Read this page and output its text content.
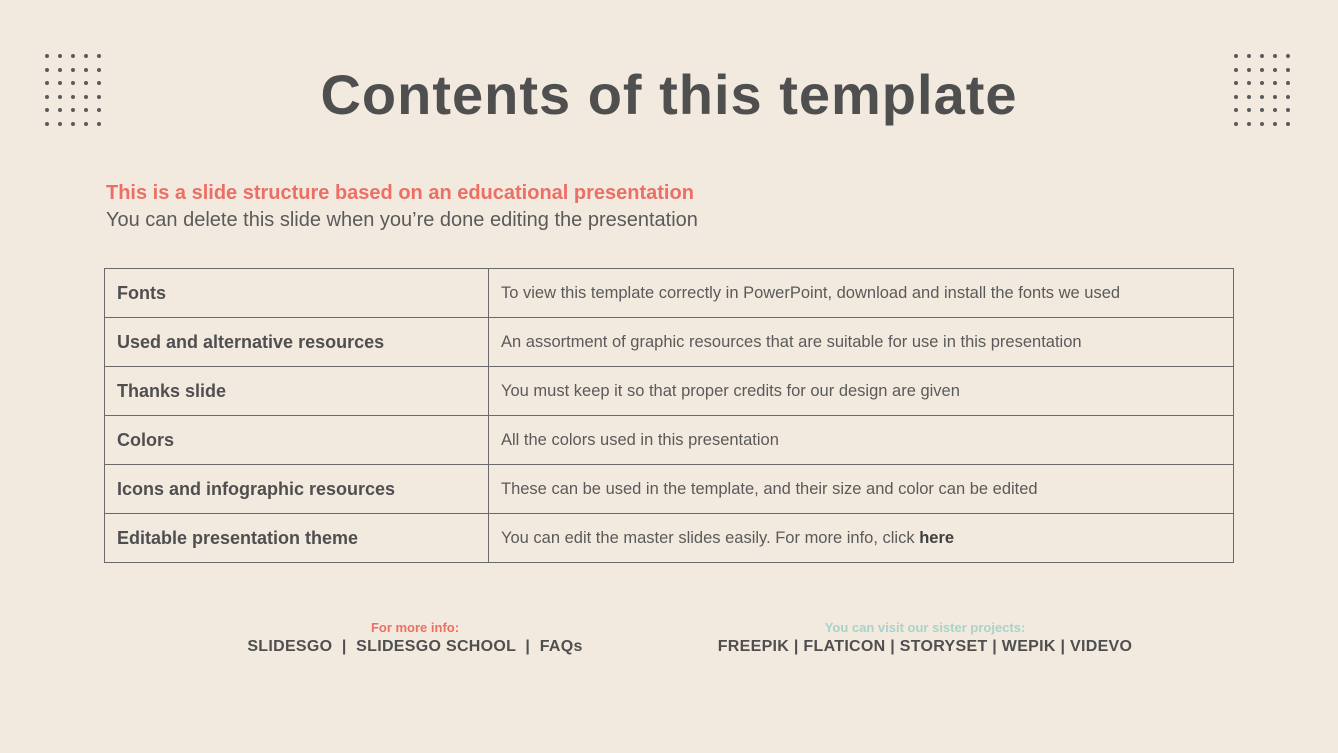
Contents of this template
This is a slide structure based on an educational presentation
You can delete this slide when you’re done editing the presentation
Fonts	To view this template correctly in PowerPoint, download and install the fonts we used
Used and alternative resources	An assortment of graphic resources that are suitable for use in this presentation
Thanks slide	You must keep it so that proper credits for our design are given
Colors	All the colors used in this presentation
Icons and infographic resources	These can be used in the template, and their size and color can be edited
Editable presentation theme	You can edit the master slides easily. For more info, click here
For more info:
SLIDESGO  |  SLIDESGO SCHOOL  |  FAQs
You can visit our sister projects:
FREEPIK | FLATICON | STORYSET | WEPIK | VIDEVO
